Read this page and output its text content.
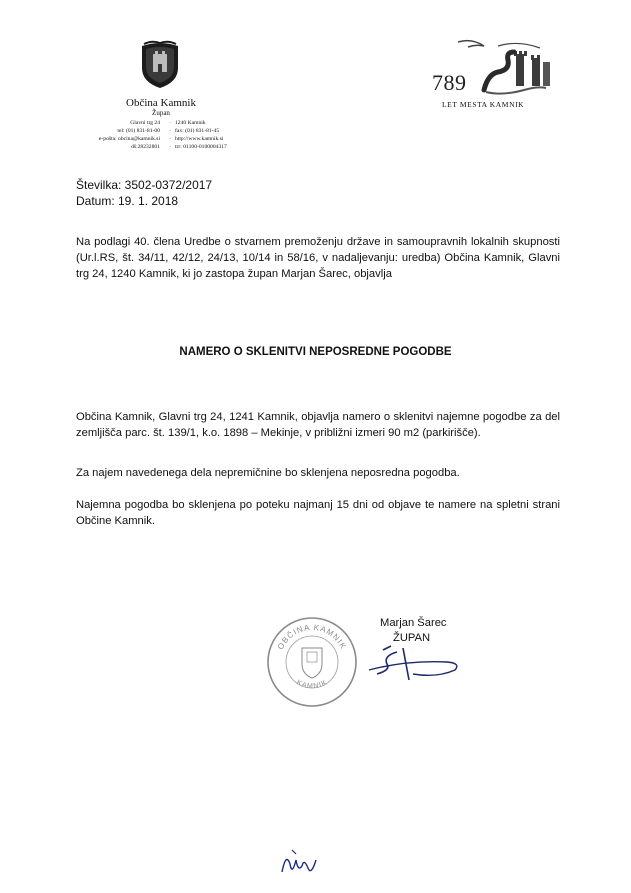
Občina Kamnik
Župan
Glavni trg 24	· 1240 Kamnik
tel: (01) 831-81-00	· fax: (01) 831-81-45
e-pošta: obcina@kamnik.si	· http://www.kamnik.si
dš:28232801	· trr: 01100-0100004317
789
LET MESTA KAMNIK
Številka: 3502-0372/2017
Datum: 19. 1. 2018
Na podlagi 40. člena Uredbe o stvarnem premoženju države in samoupravnih lokalnih skupnosti (Ur.l.RS, št. 34/11, 42/12, 24/13, 10/14 in 58/16, v nadaljevanju: uredba) Občina Kamnik, Glavni trg 24, 1240 Kamnik, ki jo zastopa župan Marjan Šarec, objavlja
NAMERO O SKLENITVI NEPOSREDNE POGODBE
Občina Kamnik, Glavni trg 24, 1241 Kamnik, objavlja namero o sklenitvi najemne pogodbe za del zemljišča parc. št. 139/1, k.o. 1898 – Mekinje, v približni izmeri 90 m2 (parkirišče).
Za najem navedenega dela nepremičnine bo sklenjena neposredna pogodba.
Najemna pogodba bo sklenjena po poteku najmanj 15 dni od objave te namere na spletni strani Občine Kamnik.
OBČINA KAMNIK
KAMNIK
Marjan Šarec
ŽUPAN
